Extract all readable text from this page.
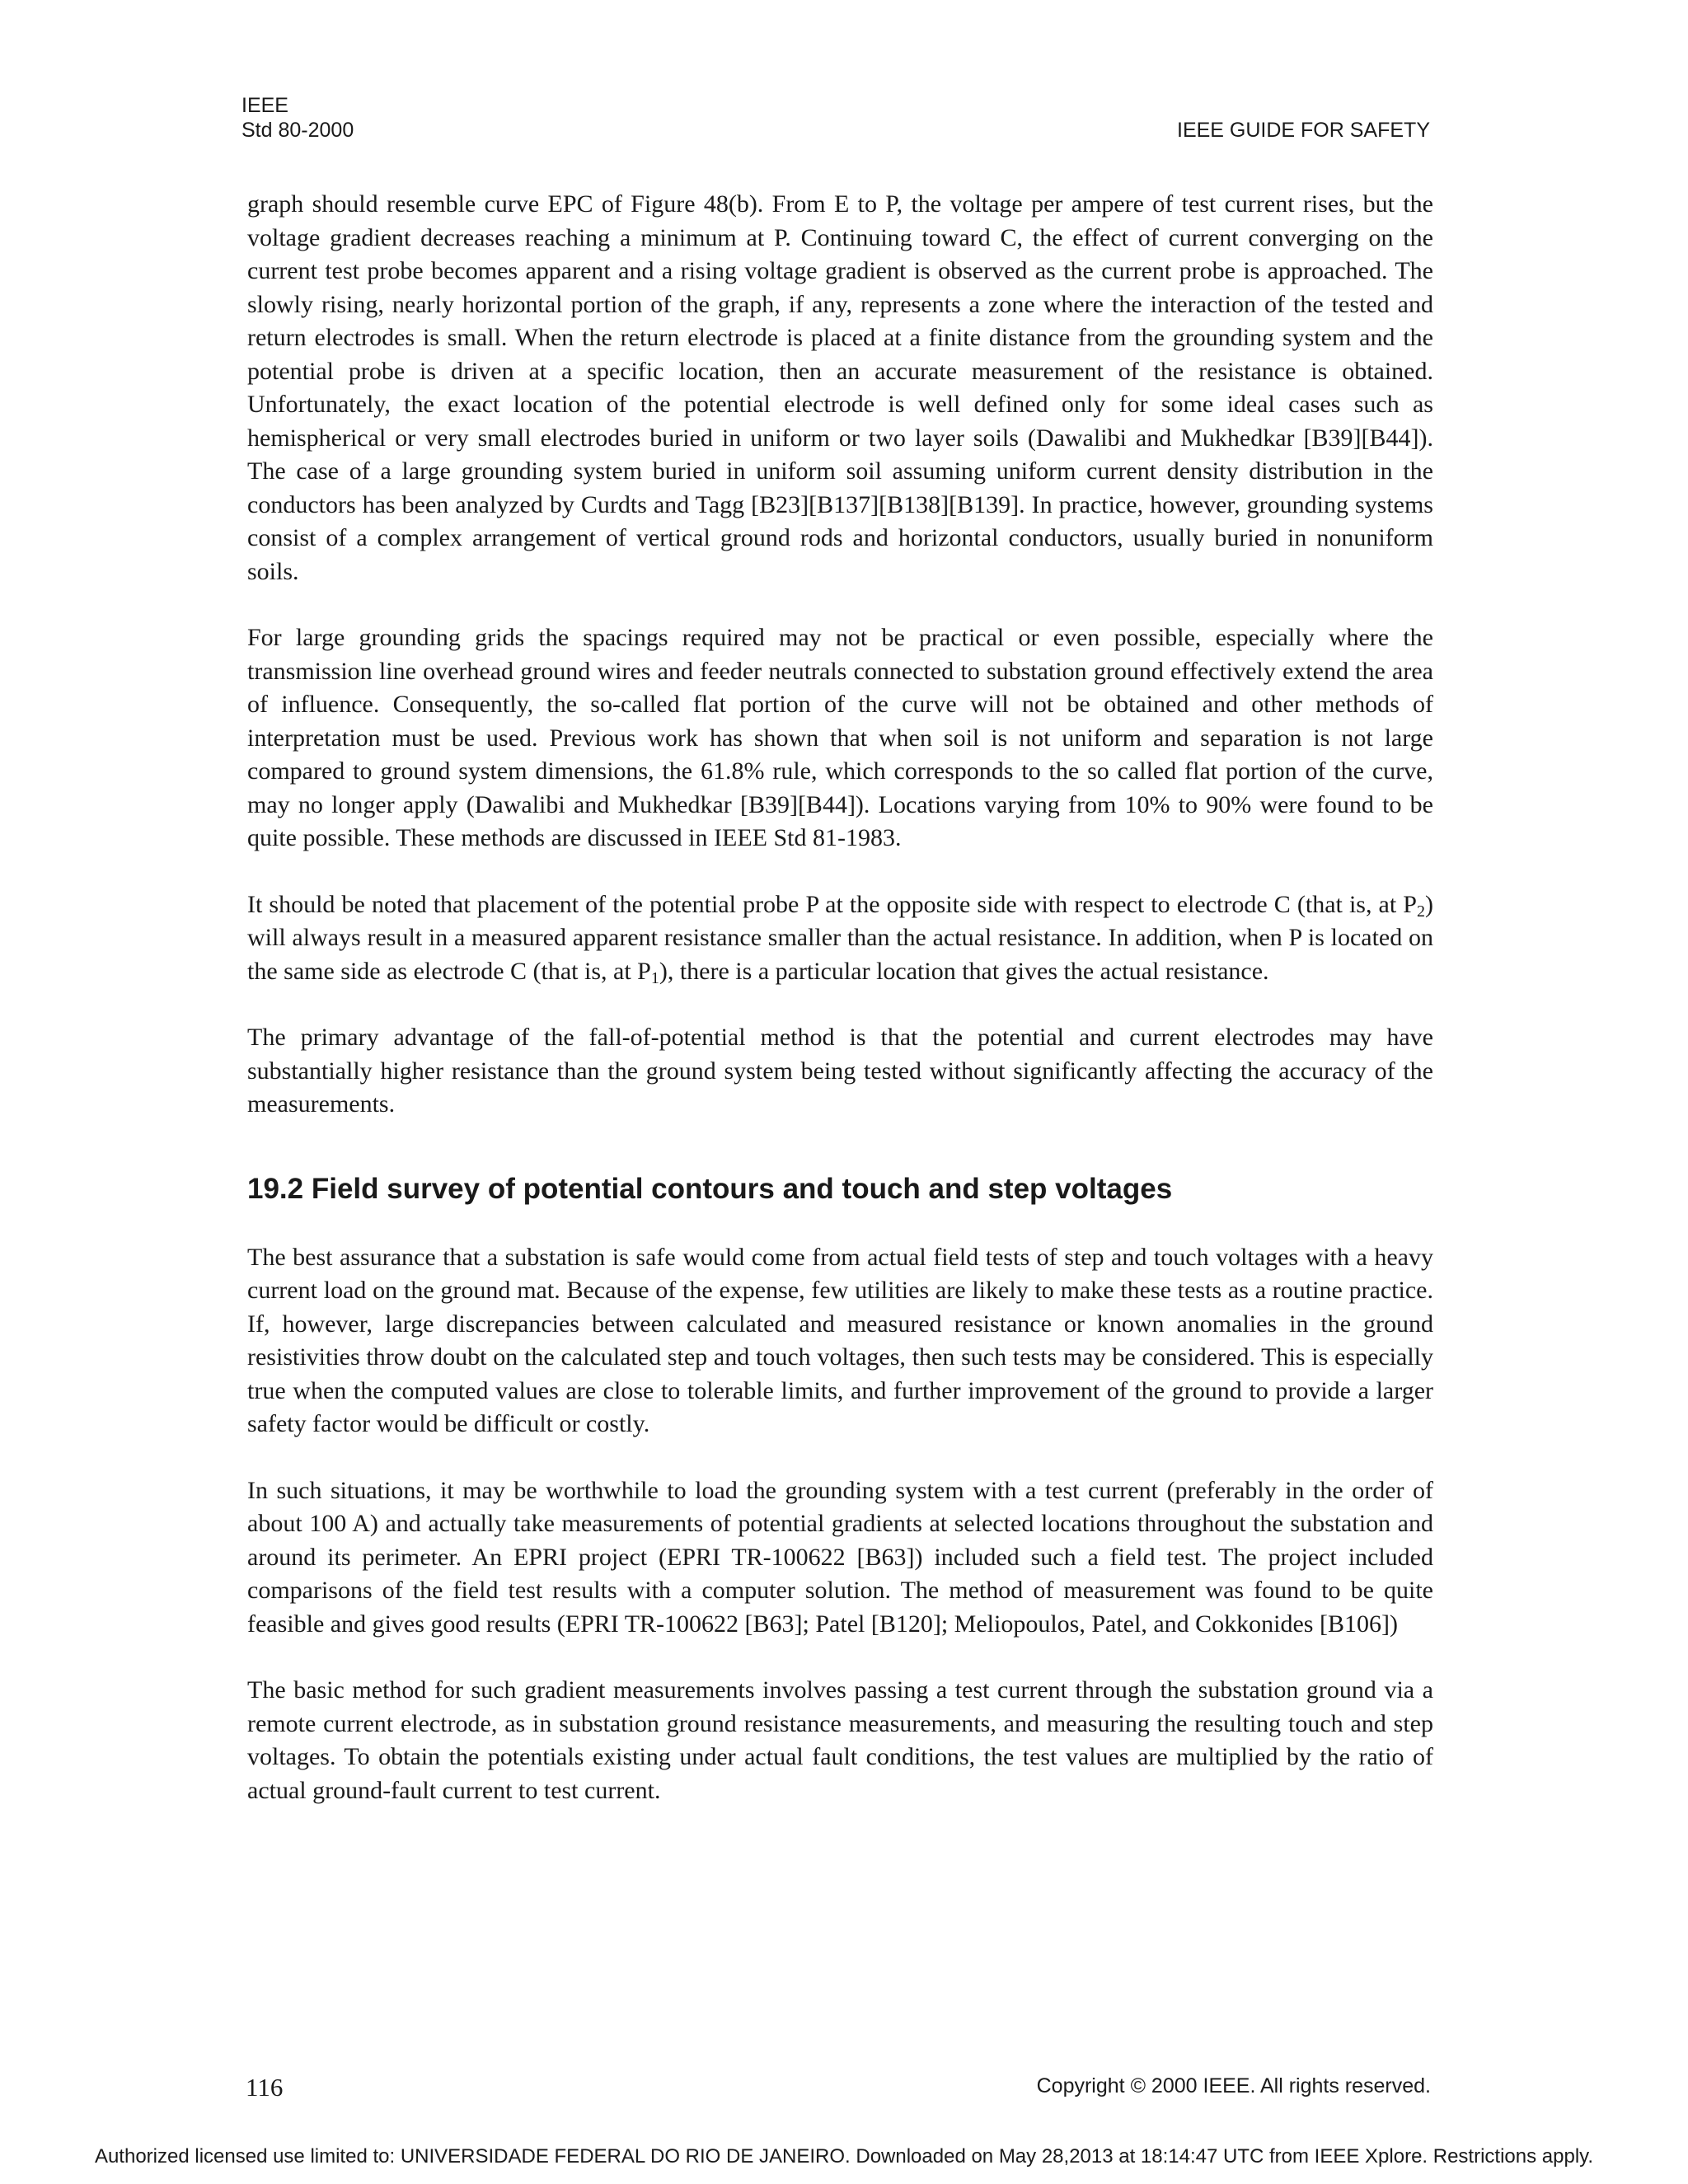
IEEE
Std 80-2000	IEEE GUIDE FOR SAFETY

graph should resemble curve EPC of Figure 48(b). From E to P, the voltage per ampere of test current rises, but the voltage gradient decreases reaching a minimum at P. Continuing toward C, the effect of current converging on the current test probe becomes apparent and a rising voltage gradient is observed as the current probe is approached. The slowly rising, nearly horizontal portion of the graph, if any, represents a zone where the interaction of the tested and return electrodes is small. When the return electrode is placed at a finite distance from the grounding system and the potential probe is driven at a specific location, then an accurate measurement of the resistance is obtained. Unfortunately, the exact location of the potential electrode is well defined only for some ideal cases such as hemispherical or very small electrodes buried in uniform or two layer soils (Dawalibi and Mukhedkar [B39][B44]). The case of a large grounding system buried in uniform soil assuming uniform current density distribution in the conductors has been analyzed by Curdts and Tagg [B23][B137][B138][B139]. In practice, however, grounding systems consist of a complex arrangement of vertical ground rods and horizontal conductors, usually buried in nonuniform soils.

For large grounding grids the spacings required may not be practical or even possible, especially where the transmission line overhead ground wires and feeder neutrals connected to substation ground effectively extend the area of influence. Consequently, the so-called flat portion of the curve will not be obtained and other methods of interpretation must be used. Previous work has shown that when soil is not uniform and separation is not large compared to ground system dimensions, the 61.8% rule, which corresponds to the so called flat portion of the curve, may no longer apply (Dawalibi and Mukhedkar [B39][B44]). Locations varying from 10% to 90% were found to be quite possible. These methods are discussed in IEEE Std 81-1983.

It should be noted that placement of the potential probe P at the opposite side with respect to electrode C (that is, at $P_2$) will always result in a measured apparent resistance smaller than the actual resistance. In addition, when P is located on the same side as electrode C (that is, at $P_1$), there is a particular location that gives the actual resistance.

The primary advantage of the fall-of-potential method is that the potential and current electrodes may have substantially higher resistance than the ground system being tested without significantly affecting the accuracy of the measurements.

19.2 Field survey of potential contours and touch and step voltages

The best assurance that a substation is safe would come from actual field tests of step and touch voltages with a heavy current load on the ground mat. Because of the expense, few utilities are likely to make these tests as a routine practice. If, however, large discrepancies between calculated and measured resistance or known anomalies in the ground resistivities throw doubt on the calculated step and touch voltages, then such tests may be considered. This is especially true when the computed values are close to tolerable limits, and further improvement of the ground to provide a larger safety factor would be difficult or costly.

In such situations, it may be worthwhile to load the grounding system with a test current (preferably in the order of about 100 A) and actually take measurements of potential gradients at selected locations throughout the substation and around its perimeter. An EPRI project (EPRI TR-100622 [B63]) included such a field test. The project included comparisons of the field test results with a computer solution. The method of measurement was found to be quite feasible and gives good results (EPRI TR-100622 [B63]; Patel [B120]; Meliopoulos, Patel, and Cokkonides [B106])

The basic method for such gradient measurements involves passing a test current through the substation ground via a remote current electrode, as in substation ground resistance measurements, and measuring the resulting touch and step voltages. To obtain the potentials existing under actual fault conditions, the test values are multiplied by the ratio of actual ground-fault current to test current.

116	Copyright © 2000 IEEE. All rights reserved.
Authorized licensed use limited to: UNIVERSIDADE FEDERAL DO RIO DE JANEIRO. Downloaded on May 28,2013 at 18:14:47 UTC from IEEE Xplore. Restrictions apply.
